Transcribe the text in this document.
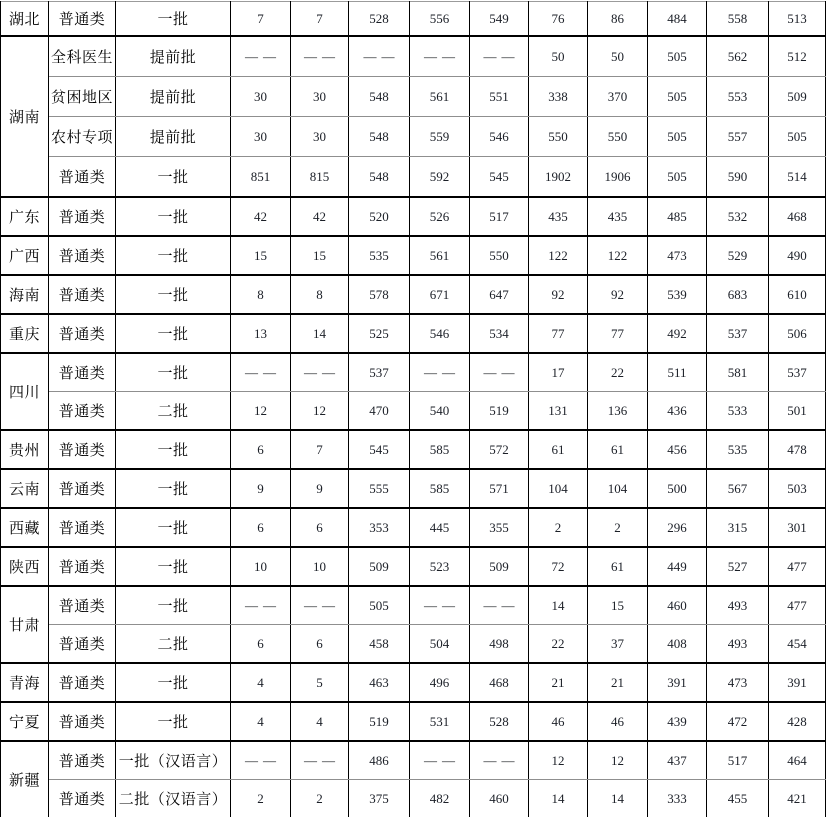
湖北	普通类	一批	7	7	528	556	549	76	86	484	558	513
湖南	全科医生	提前批	——	——	——	——	——	50	50	505	562	512
	贫困地区	提前批	30	30	548	561	551	338	370	505	553	509
	农村专项	提前批	30	30	548	559	546	550	550	505	557	505
	普通类	一批	851	815	548	592	545	1902	1906	505	590	514
广东	普通类	一批	42	42	520	526	517	435	435	485	532	468
广西	普通类	一批	15	15	535	561	550	122	122	473	529	490
海南	普通类	一批	8	8	578	671	647	92	92	539	683	610
重庆	普通类	一批	13	14	525	546	534	77	77	492	537	506
四川	普通类	一批	——	——	537	——	——	17	22	511	581	537
	普通类	二批	12	12	470	540	519	131	136	436	533	501
贵州	普通类	一批	6	7	545	585	572	61	61	456	535	478
云南	普通类	一批	9	9	555	585	571	104	104	500	567	503
西藏	普通类	一批	6	6	353	445	355	2	2	296	315	301
陕西	普通类	一批	10	10	509	523	509	72	61	449	527	477
甘肃	普通类	一批	——	——	505	——	——	14	15	460	493	477
	普通类	二批	6	6	458	504	498	22	37	408	493	454
青海	普通类	一批	4	5	463	496	468	21	21	391	473	391
宁夏	普通类	一批	4	4	519	531	528	46	46	439	472	428
新疆	普通类	一批（汉语言）	——	——	486	——	——	12	12	437	517	464
	普通类	二批（汉语言）	2	2	375	482	460	14	14	333	455	421
